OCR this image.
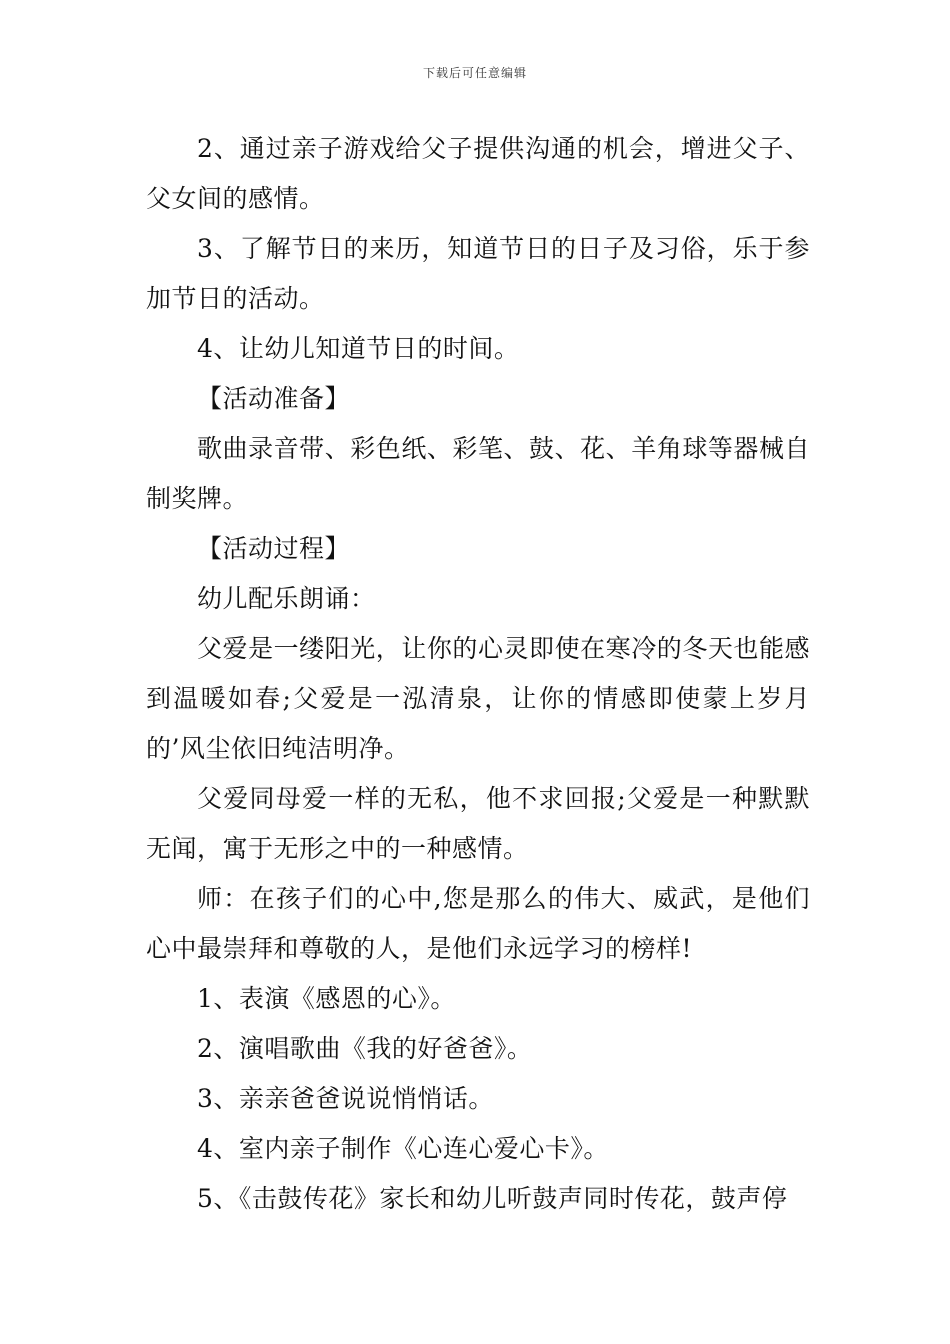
下载后可任意编辑

2、通过亲子游戏给父子提供沟通的机会，增进父子、父女间的感情。

3、了解节日的来历，知道节日的日子及习俗，乐于参加节日的活动。

4、让幼儿知道节日的时间。

【活动准备】

歌曲录音带、彩色纸、彩笔、鼓、花、羊角球等器械自制奖牌。

【活动过程】

幼儿配乐朗诵：

父爱是一缕阳光，让你的心灵即使在寒冷的冬天也能感到温暖如春;父爱是一泓清泉，让你的情感即使蒙上岁月的’风尘依旧纯洁明净。

父爱同母爱一样的无私，他不求回报;父爱是一种默默无闻，寓于无形之中的一种感情。

师：在孩子们的心中,您是那么的伟大、威武，是他们心中最崇拜和尊敬的人，是他们永远学习的榜样!

1、表演《感恩的心》。

2、演唱歌曲《我的好爸爸》。

3、亲亲爸爸说说悄悄话。

4、室内亲子制作《心连心爱心卡》。

5、《击鼓传花》家长和幼儿听鼓声同时传花，鼓声停
